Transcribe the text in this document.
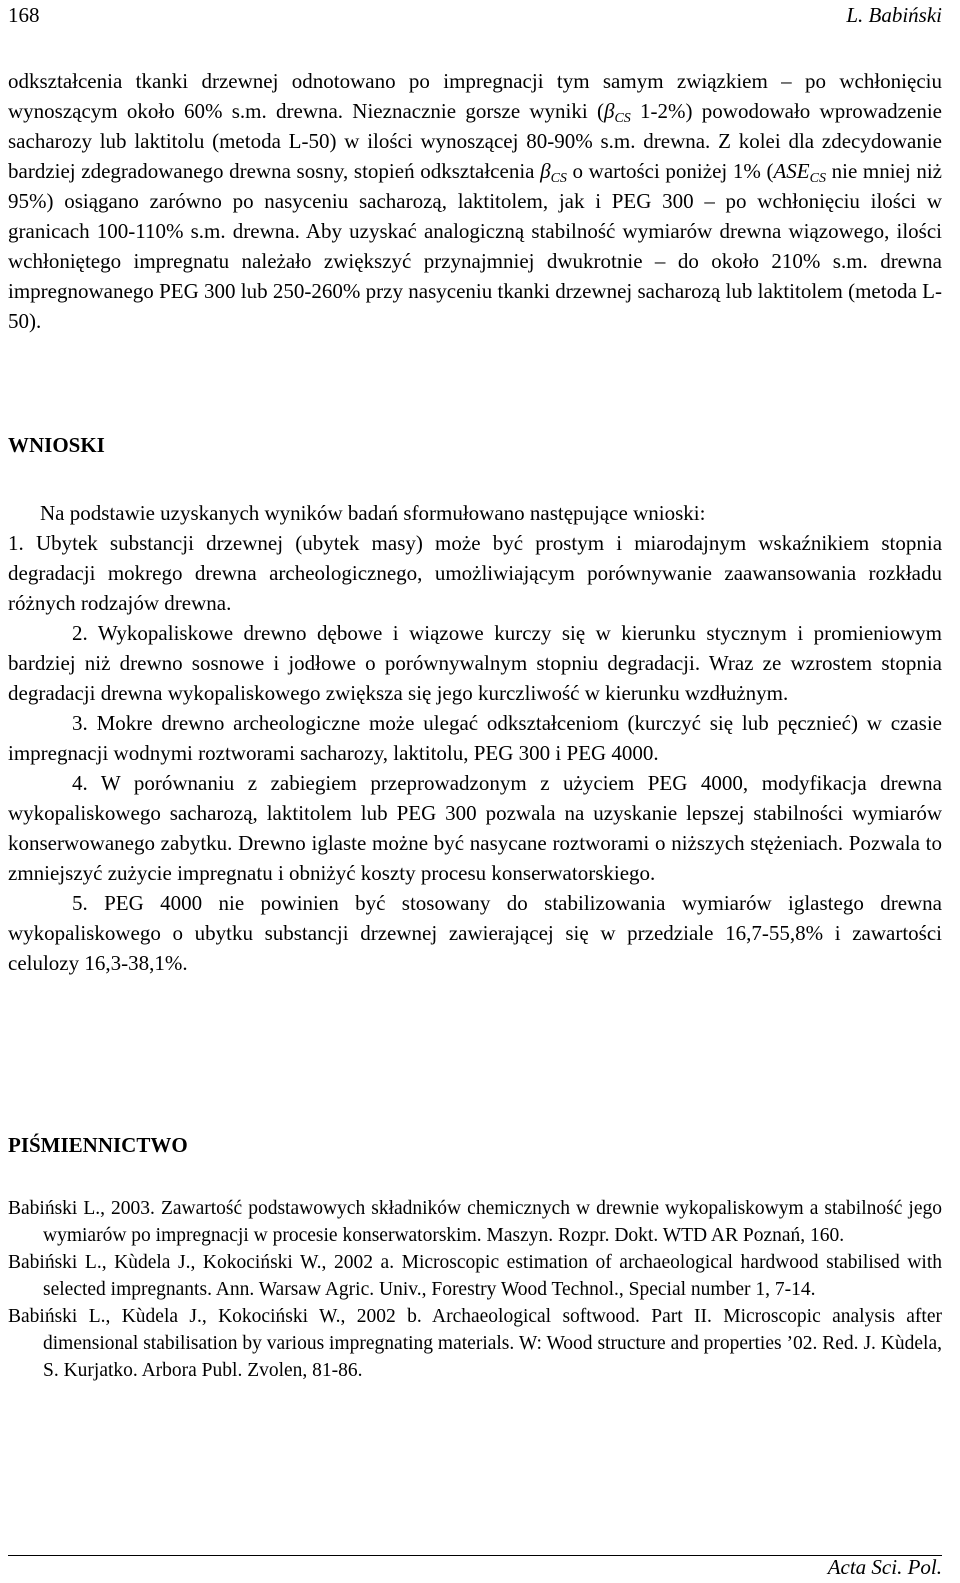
168	L. Babiński

odkształcenia tkanki drzewnej odnotowano po impregnacji tym samym związkiem – po wchłonięciu wynoszącym około 60% s.m. drewna. Nieznacznie gorsze wyniki ($\beta_{CS}$ 1-2%) powodowało wprowadzenie sacharozy lub laktitolu (metoda L-50) w ilości wynoszącej 80-90% s.m. drewna. Z kolei dla zdecydowanie bardziej zdegradowanego drewna sosny, stopień odkształcenia $\beta_{CS}$ o wartości poniżej 1% ($ASE_{CS}$ nie mniej niż 95%) osiągano zarówno po nasyceniu sacharozą, laktitolem, jak i PEG 300 – po wchłonięciu ilości w granicach 100-110% s.m. drewna. Aby uzyskać analogiczną stabilność wymiarów drewna wiązowego, ilości wchłoniętego impregnatu należało zwiększyć przynajmniej dwukrotnie – do około 210% s.m. drewna impregnowanego PEG 300 lub 250-260% przy nasyceniu tkanki drzewnej sacharozą lub laktitolem (metoda L-50).

WNIOSKI

Na podstawie uzyskanych wyników badań sformułowano następujące wnioski:

1. Ubytek substancji drzewnej (ubytek masy) może być prostym i miarodajnym wskaźnikiem stopnia degradacji mokrego drewna archeologicznego, umożliwiającym porównywanie zaawansowania rozkładu różnych rodzajów drewna.

2. Wykopaliskowe drewno dębowe i wiązowe kurczy się w kierunku stycznym i promieniowym bardziej niż drewno sosnowe i jodłowe o porównywalnym stopniu degradacji. Wraz ze wzrostem stopnia degradacji drewna wykopaliskowego zwiększa się jego kurczliwość w kierunku wzdłużnym.

3. Mokre drewno archeologiczne może ulegać odkształceniom (kurczyć się lub pęcznieć) w czasie impregnacji wodnymi roztworami sacharozy, laktitolu, PEG 300 i PEG 4000.

4. W porównaniu z zabiegiem przeprowadzonym z użyciem PEG 4000, modyfikacja drewna wykopaliskowego sacharozą, laktitolem lub PEG 300 pozwala na uzyskanie lepszej stabilności wymiarów konserwowanego zabytku. Drewno iglaste możne być nasycane roztworami o niższych stężeniach. Pozwala to zmniejszyć zużycie impregnatu i obniżyć koszty procesu konserwatorskiego.

5. PEG 4000 nie powinien być stosowany do stabilizowania wymiarów iglastego drewna wykopaliskowego o ubytku substancji drzewnej zawierającej się w przedziale 16,7-55,8% i zawartości celulozy 16,3-38,1%.

PIŚMIENNICTWO

Babiński L., 2003. Zawartość podstawowych składników chemicznych w drewnie wykopaliskowym a stabilność jego wymiarów po impregnacji w procesie konserwatorskim. Maszyn. Rozpr. Dokt. WTD AR Poznań, 160.

Babiński L., Kùdela J., Kokociński W., 2002 a. Microscopic estimation of archaeological hardwood stabilised with selected impregnants. Ann. Warsaw Agric. Univ., Forestry Wood Technol., Special number 1, 7-14.

Babiński L., Kùdela J., Kokociński W., 2002 b. Archaeological softwood. Part II. Microscopic analysis after dimensional stabilisation by various impregnating materials. W: Wood structure and properties ’02. Red. J. Kùdela, S. Kurjatko. Arbora Publ. Zvolen, 81-86.

Acta Sci. Pol.
